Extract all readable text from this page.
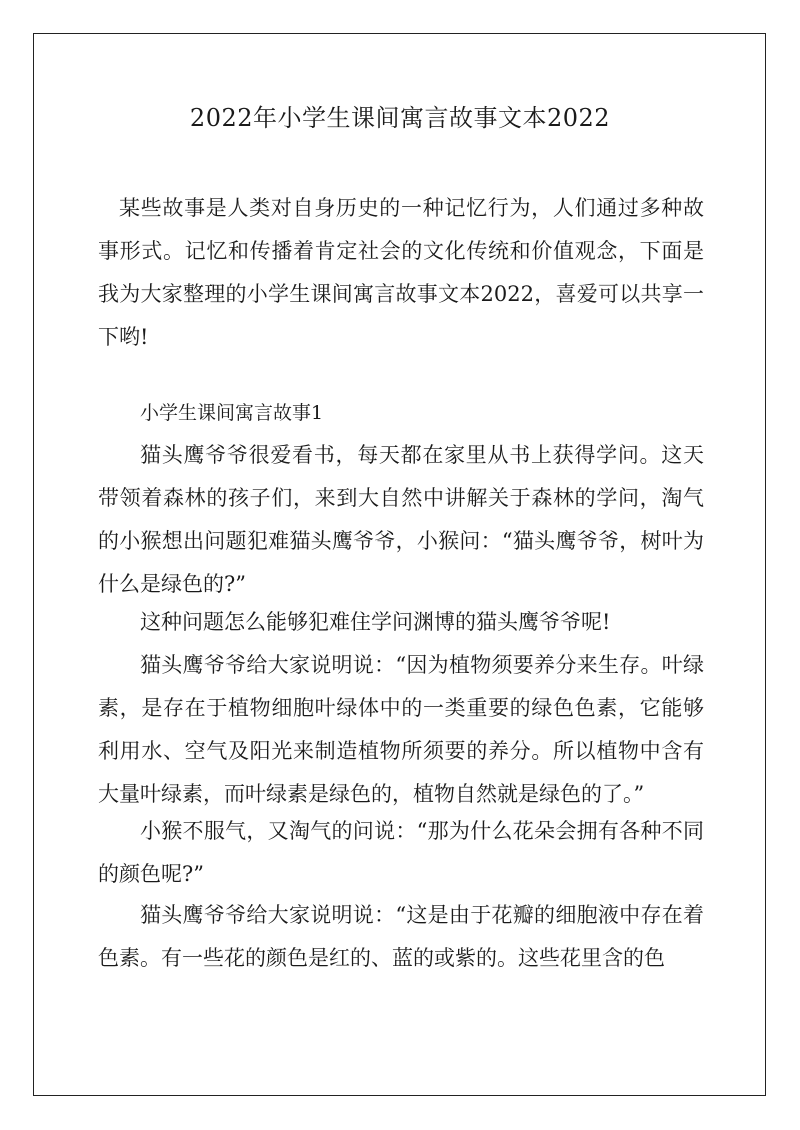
2022年小学生课间寓言故事文本2022

某些故事是人类对自身历史的一种记忆行为，人们通过多种故事形式。记忆和传播着肯定社会的文化传统和价值观念，下面是我为大家整理的小学生课间寓言故事文本2022，喜爱可以共享一下哟!

小学生课间寓言故事1

猫头鹰爷爷很爱看书，每天都在家里从书上获得学问。这天带领着森林的孩子们，来到大自然中讲解关于森林的学问，淘气的小猴想出问题犯难猫头鹰爷爷，小猴问：“猫头鹰爷爷，树叶为什么是绿色的?”

这种问题怎么能够犯难住学问渊博的猫头鹰爷爷呢!

猫头鹰爷爷给大家说明说：“因为植物须要养分来生存。叶绿素，是存在于植物细胞叶绿体中的一类重要的绿色色素，它能够利用水、空气及阳光来制造植物所须要的养分。所以植物中含有大量叶绿素，而叶绿素是绿色的，植物自然就是绿色的了。”

小猴不服气，又淘气的问说：“那为什么花朵会拥有各种不同的颜色呢?”

猫头鹰爷爷给大家说明说：“这是由于花瓣的细胞液中存在着色素。有一些花的颜色是红的、蓝的或紫的。这些花里含的色
